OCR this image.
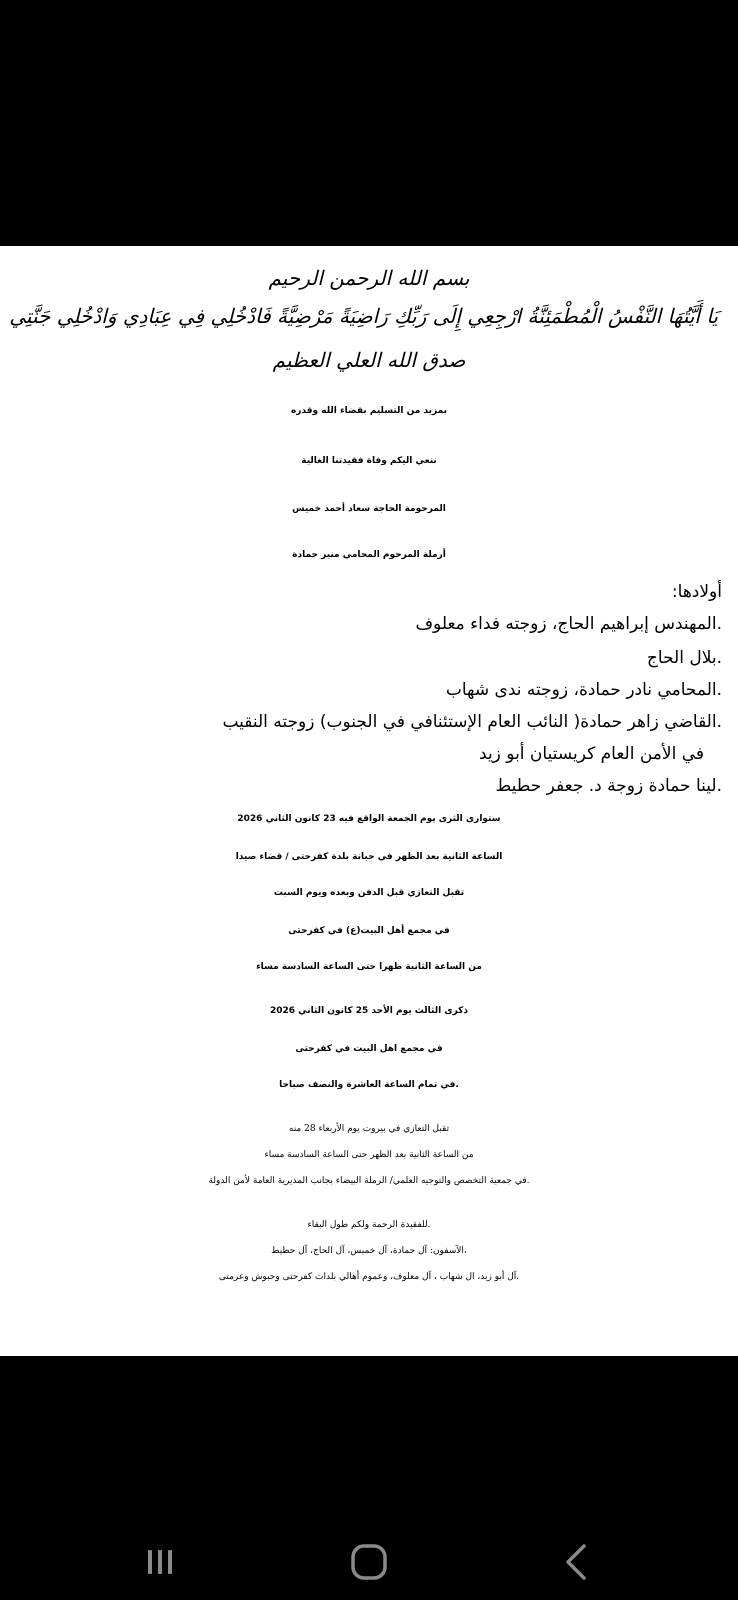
بسم الله الرحمن الرحيم
يَا أَيَّتُهَا النَّفْسُ الْمُطْمَئِنَّةُ ارْجِعِي إِلَى رَبِّكِ رَاضِيَةً مَرْضِيَّةً فَادْخُلِي فِي عِبَادِي وَادْخُلِي جَنَّتِي
صدق الله العلي العظيم
بمزيد من التسليم بقضاء الله وقدره
ننعي اليكم وفاة فقيدتنا الغالية
المرحومة الحاجة سعاد أحمد خميس
أرملة المرحوم المحامي منير حمادة
أولادها:
.المهندس إبراهيم الحاج، زوجته فداء معلوف
.بلال الحاج
.المحامي نادر حمادة، زوجته ندى شهاب
.القاضي زاهر حمادة( النائب العام الإستئنافي في الجنوب) زوجته النقيب
في الأمن العام كريستيان أبو زيد
.لينا حمادة زوجة د. جعفر حطيط
ستوارى الثرى يوم الجمعة الواقع فيه 23 كانون الثاني 2026
الساعة الثانية بعد الظهر في جبانة بلدة كفرحتى / قضاء صيدا
تقبل التعازي قبل الدفن وبعده ويوم السبت
في مجمع أهل البيت(ع) في كفرحتى
من الساعة الثانية ظهرا حتى الساعة السادسة مساء
ذكرى الثالث يوم الأحد 25 كانون الثاني 2026
في مجمع اهل البيت في كفرحتى
.في تمام الساعة العاشرة والنصف صباحا
تقبل التعازي في بيروت يوم الأربعاء 28 منه
من الساعة الثانية بعد الظهر حتى الساعة السادسة مساء
.في جمعية التخصص والتوجيه العلمي/ الرملة البيضاء بجانب المديرية العامة لأمن الدولة
.للفقيدة الرحمة ولكم طول البقاء
،الآسفون: آل حمادة، آل خميس، آل الحاج، آل حطيط
.آل أبو زيد، ال شهاب ، آل معلوف، وعموم أهالي بلدات كفرحتى وحبوش وعرمتى
